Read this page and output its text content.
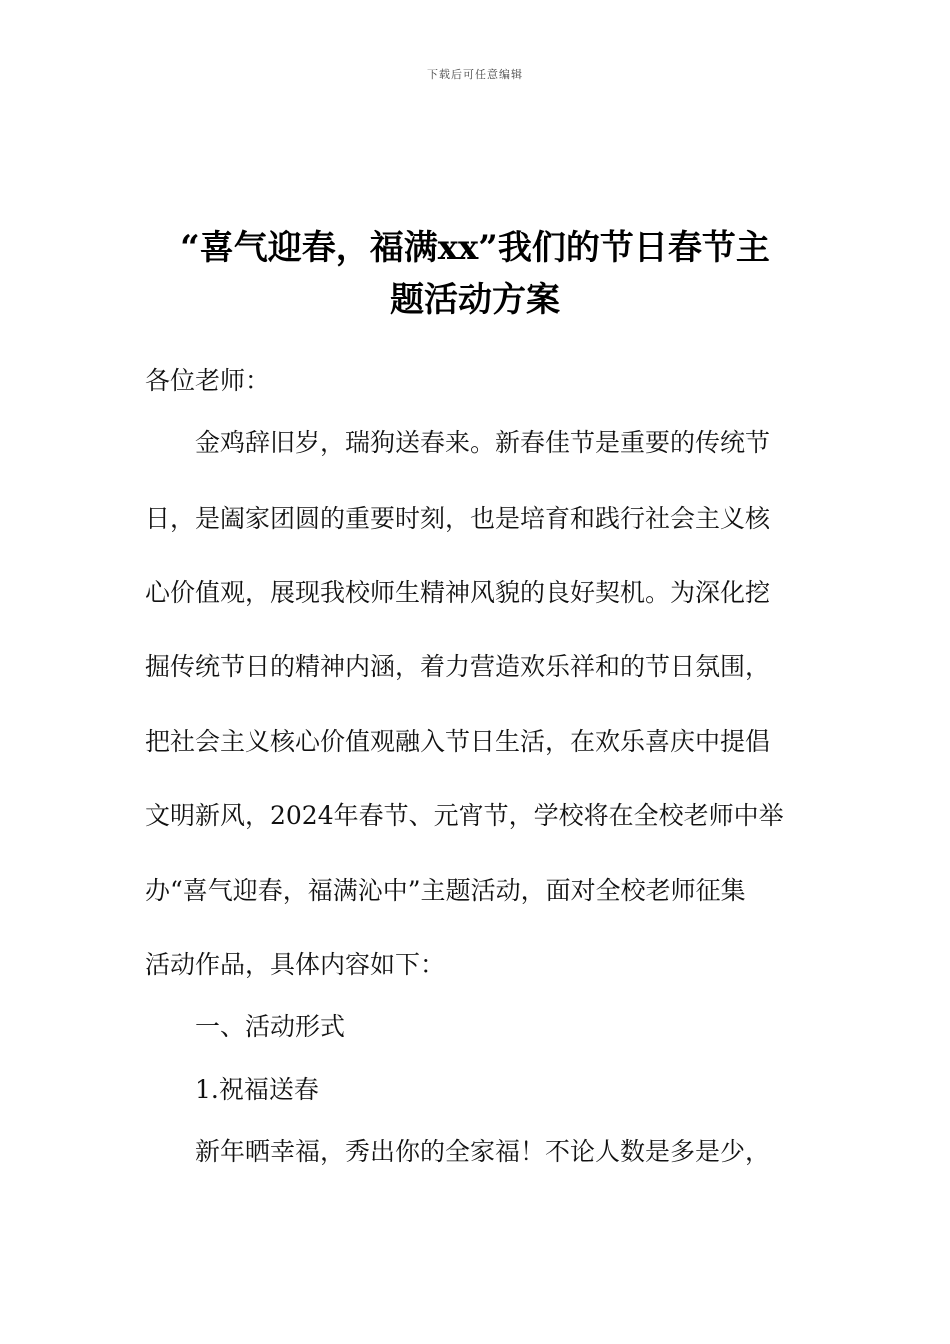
下载后可任意编辑
“喜气迎春，福满xx”我们的节日春节主
题活动方案
各位老师：
金鸡辞旧岁，瑞狗送春来。新春佳节是重要的传统节
日，是阖家团圆的重要时刻，也是培育和践行社会主义核
心价值观，展现我校师生精神风貌的良好契机。为深化挖
掘传统节日的精神内涵，着力营造欢乐祥和的节日氛围，
把社会主义核心价值观融入节日生活，在欢乐喜庆中提倡
文明新风，2024年春节、元宵节，学校将在全校老师中举
办“喜气迎春，福满沁中”主题活动，面对全校老师征集
活动作品，具体内容如下：
一、活动形式
1.祝福送春
新年晒幸福，秀出你的全家福！不论人数是多是少，
